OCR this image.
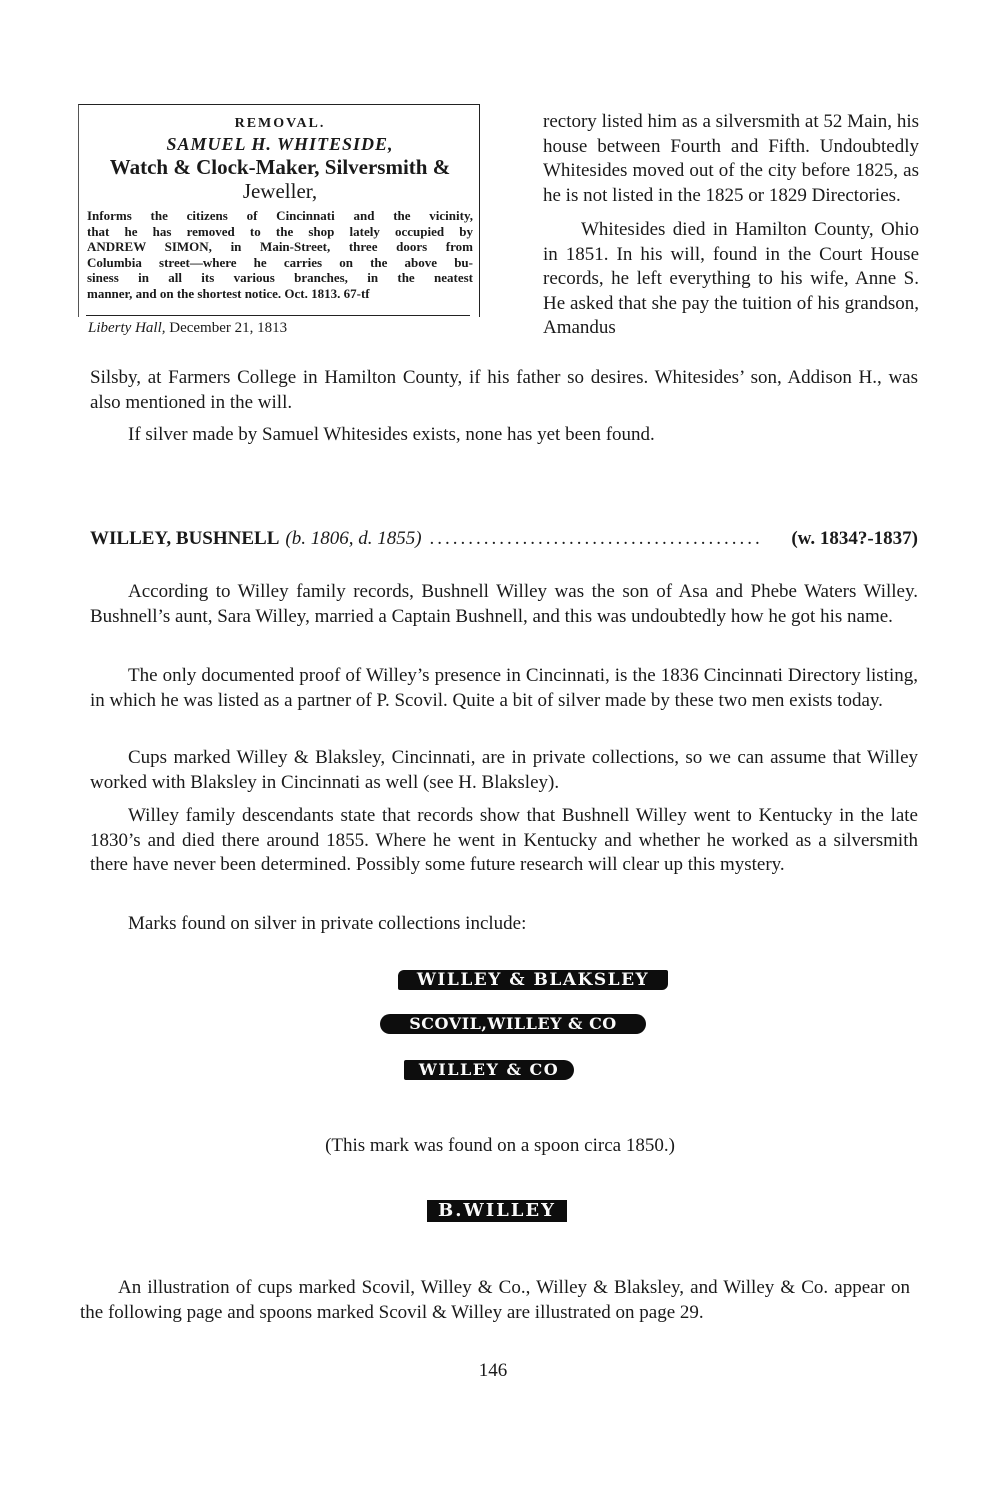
REMOVAL.
SAMUEL H. WHITESIDE,
Watch & Clock-Maker, Silversmith &
Jeweller,
Informs the citizens of Cincinnati and the vicinity,
that he has removed to the shop lately occupied by
ANDREW SIMON, in Main-Street, three doors from
Columbia street—where he carries on the above bu-
siness in all its various branches, in the neatest
manner, and on the shortest notice. Oct. 1813. 67-tf
Liberty Hall, December 21, 1813

rectory listed him as a silversmith at 52 Main, his house between Fourth and Fifth. Undoubtedly Whitesides moved out of the city before 1825, as he is not listed in the 1825 or 1829 Directories.

Whitesides died in Hamilton County, Ohio in 1851. In his will, found in the Court House records, he left everything to his wife, Anne S. He asked that she pay the tuition of his grandson, Amandus

Silsby, at Farmers College in Hamilton County, if his father so desires. Whitesides’ son, Addison H., was also mentioned in the will.

If silver made by Samuel Whitesides exists, none has yet been found.

WILLEY, BUSHNELL (b. 1806, d. 1855) ...........................................	(w. 1834?-1837)

According to Willey family records, Bushnell Willey was the son of Asa and Phebe Waters Willey. Bushnell’s aunt, Sara Willey, married a Captain Bushnell, and this was undoubtedly how he got his name.

The only documented proof of Willey’s presence in Cincinnati, is the 1836 Cincinnati Directory listing, in which he was listed as a partner of P. Scovil. Quite a bit of silver made by these two men exists today.

Cups marked Willey & Blaksley, Cincinnati, are in private collections, so we can assume that Willey worked with Blaksley in Cincinnati as well (see H. Blaksley).

Willey family descendants state that records show that Bushnell Willey went to Kentucky in the late 1830’s and died there around 1855. Where he went in Kentucky and whether he worked as a silversmith there have never been determined. Possibly some future research will clear up this mystery.

Marks found on silver in private collections include:

WILLEY & BLAKSLEY
SCOVIL,WILLEY & CO
WILLEY & CO
(This mark was found on a spoon circa 1850.)
B.WILLEY

An illustration of cups marked Scovil, Willey & Co., Willey & Blaksley, and Willey & Co. appear on the following page and spoons marked Scovil & Willey are illustrated on page 29.

146
